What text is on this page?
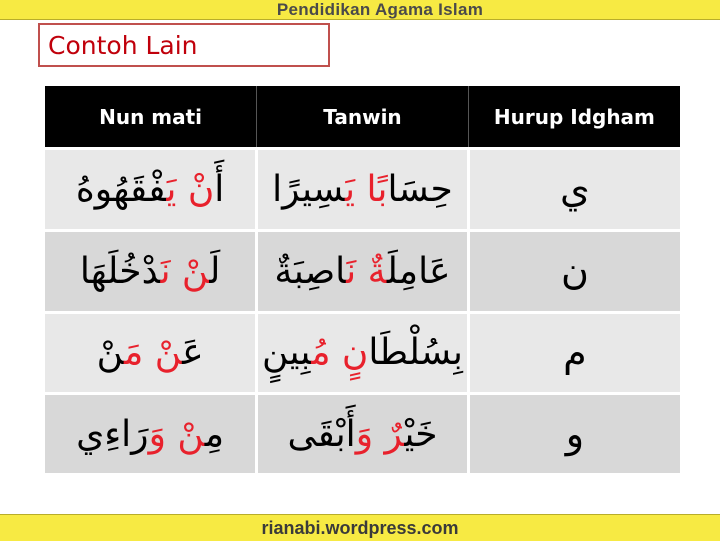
Pendidikan Agama Islam
Contoh Lain
Nun mati	Tanwin	Hurup Idgham
أَنْ يَفْقَهُوهُ	حِسَابًا يَسِيرًا	ي
لَنْ نَدْخُلَهَا	عَامِلَةٌ نَاصِبَةٌ	ن
عَنْ مَنْ	بِسُلْطَانٍ مُبِينٍ	م
مِنْ وَرَاءِي	خَيْرٌ وَأَبْقَى	و
rianabi.wordpress.com
